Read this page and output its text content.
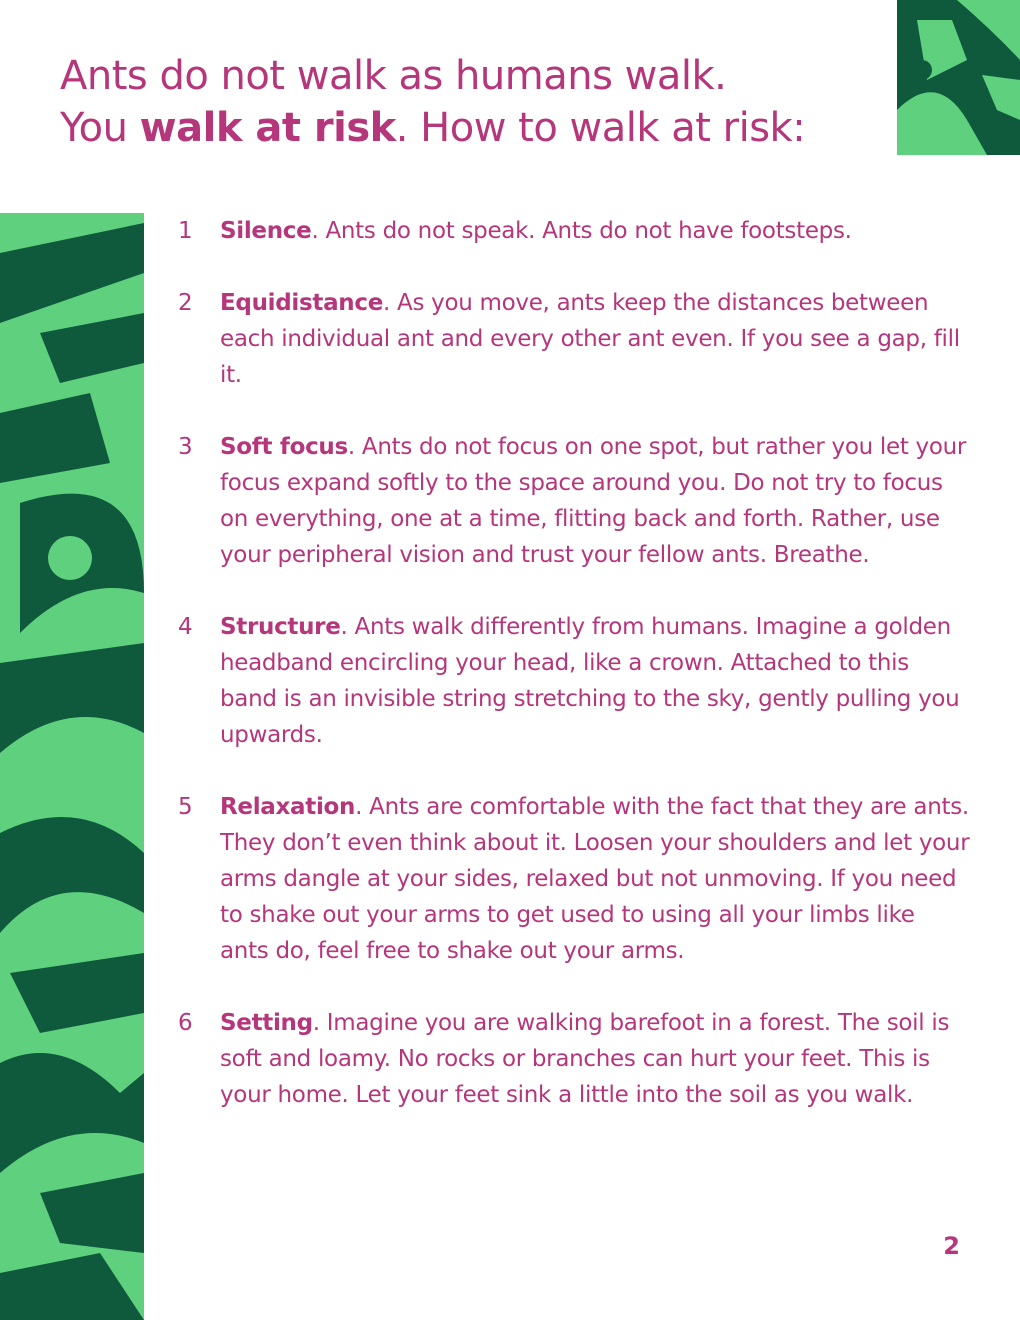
Ants do not walk as humans walk.
You walk at risk. How to walk at risk:
1	Silence. Ants do not speak. Ants do not have footsteps.
2	Equidistance. As you move, ants keep the distances between each individual ant and every other ant even. If you see a gap, fill it.
3	Soft focus. Ants do not focus on one spot, but rather you let your focus expand softly to the space around you. Do not try to focus on everything, one at a time, flitting back and forth. Rather, use your peripheral vision and trust your fellow ants. Breathe.
4	Structure. Ants walk differently from humans. Imagine a golden headband encircling your head, like a crown. Attached to this band is an invisible string stretching to the sky, gently pulling you upwards.
5	Relaxation. Ants are comfortable with the fact that they are ants. They don’t even think about it. Loosen your shoulders and let your arms dangle at your sides, relaxed but not unmoving. If you need to shake out your arms to get used to using all your limbs like ants do, feel free to shake out your arms.
6	Setting. Imagine you are walking barefoot in a forest. The soil is soft and loamy. No rocks or branches can hurt your feet. This is your home. Let your feet sink a little into the soil as you walk.
2
